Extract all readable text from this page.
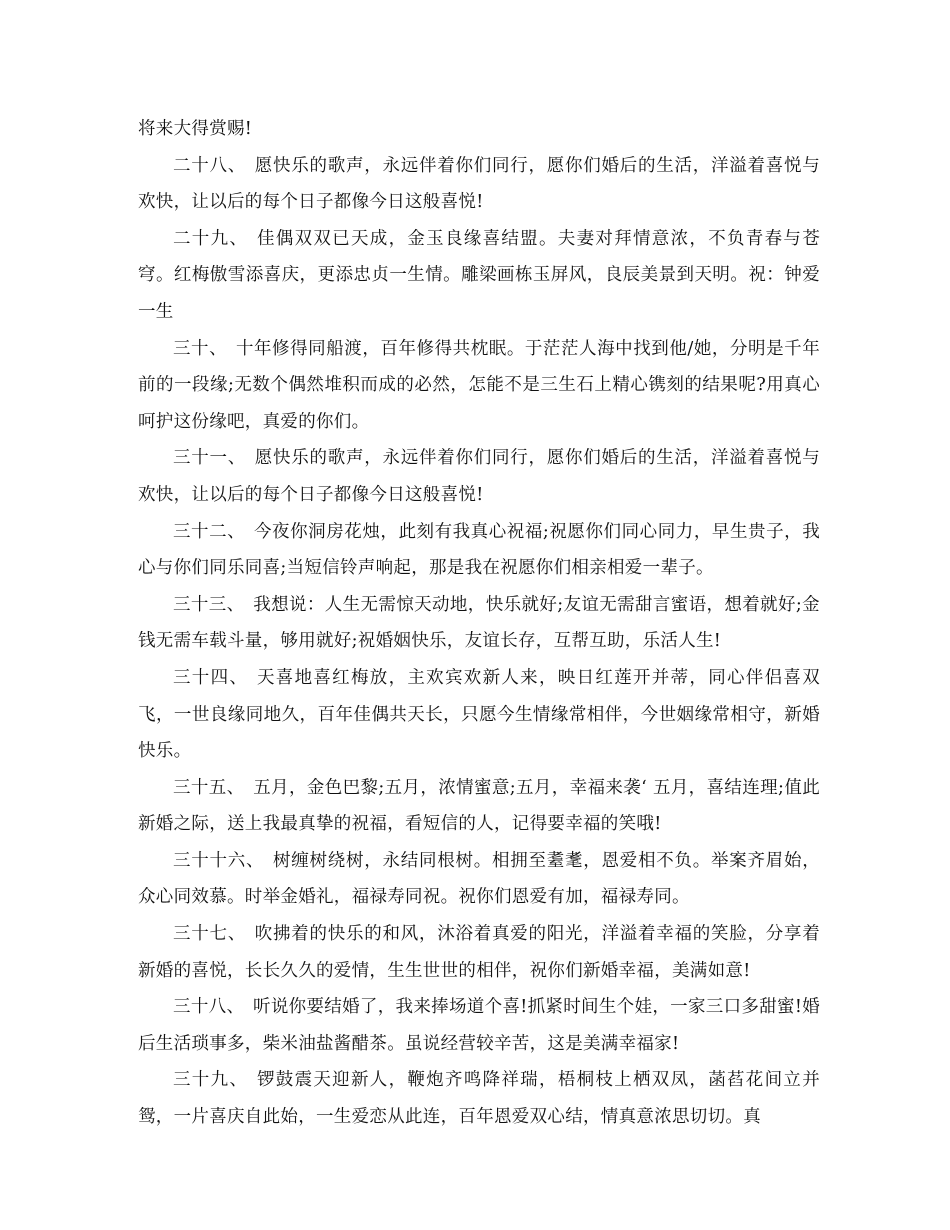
将来大得赏赐!

二十八、 愿快乐的歌声，永远伴着你们同行，愿你们婚后的生活，洋溢着喜悦与欢快，让以后的每个日子都像今日这般喜悦!

二十九、 佳偶双双已天成，金玉良缘喜结盟。夫妻对拜情意浓，不负青春与苍穹。红梅傲雪添喜庆，更添忠贞一生情。雕梁画栋玉屏风，良辰美景到天明。祝：钟爱一生

三十、 十年修得同船渡，百年修得共枕眠。于茫茫人海中找到他/她，分明是千年前的一段缘;无数个偶然堆积而成的必然，怎能不是三生石上精心镌刻的结果呢?用真心呵护这份缘吧，真爱的你们。

三十一、 愿快乐的歌声，永远伴着你们同行，愿你们婚后的生活，洋溢着喜悦与欢快，让以后的每个日子都像今日这般喜悦!

三十二、 今夜你洞房花烛，此刻有我真心祝福;祝愿你们同心同力，早生贵子，我心与你们同乐同喜;当短信铃声响起，那是我在祝愿你们相亲相爱一辈子。

三十三、 我想说：人生无需惊天动地，快乐就好;友谊无需甜言蜜语，想着就好;金钱无需车载斗量，够用就好;祝婚姻快乐，友谊长存，互帮互助，乐活人生!

三十四、 天喜地喜红梅放，主欢宾欢新人来，映日红莲开并蒂，同心伴侣喜双飞，一世良缘同地久，百年佳偶共天长，只愿今生情缘常相伴，今世姻缘常相守，新婚快乐。

三十五、 五月，金色巴黎;五月，浓情蜜意;五月，幸福来袭‘ 五月，喜结连理;值此新婚之际，送上我最真挚的祝福，看短信的人，记得要幸福的笑哦!

三十十六、 树缠树绕树，永结同根树。相拥至耋耄，恩爱相不负。举案齐眉始，众心同效慕。时举金婚礼，福禄寿同祝。祝你们恩爱有加，福禄寿同。

三十七、 吹拂着的快乐的和风，沐浴着真爱的阳光，洋溢着幸福的笑脸，分享着新婚的喜悦，长长久久的爱情，生生世世的相伴，祝你们新婚幸福，美满如意!

三十八、 听说你要结婚了，我来捧场道个喜!抓紧时间生个娃，一家三口多甜蜜!婚后生活琐事多，柴米油盐酱醋茶。虽说经营较辛苦，这是美满幸福家!

三十九、 锣鼓震天迎新人，鞭炮齐鸣降祥瑞，梧桐枝上栖双凤，菡萏花间立并鸳，一片喜庆自此始，一生爱恋从此连，百年恩爱双心结，情真意浓思切切。真
